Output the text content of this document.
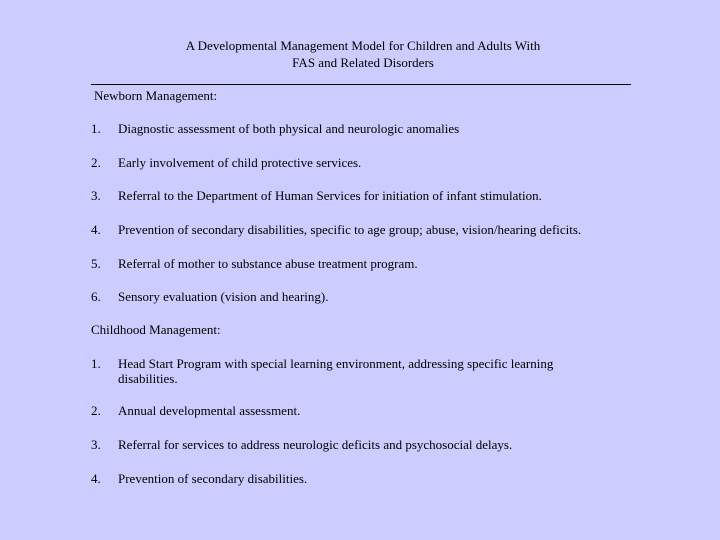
A Developmental Management Model for Children and Adults With
FAS and Related Disorders
Newborn Management:
1. Diagnostic assessment of both physical and neurologic anomalies
2. Early involvement of child protective services.
3. Referral to the Department of Human Services for initiation of infant stimulation.
4. Prevention of secondary disabilities, specific to age group; abuse, vision/hearing deficits.
5. Referral of mother to substance abuse treatment program.
6. Sensory evaluation (vision and hearing).
Childhood Management:
1. Head Start Program with special learning environment, addressing specific learning disabilities.
2. Annual developmental assessment.
3. Referral for services to address neurologic deficits and psychosocial delays.
4. Prevention of secondary disabilities.
